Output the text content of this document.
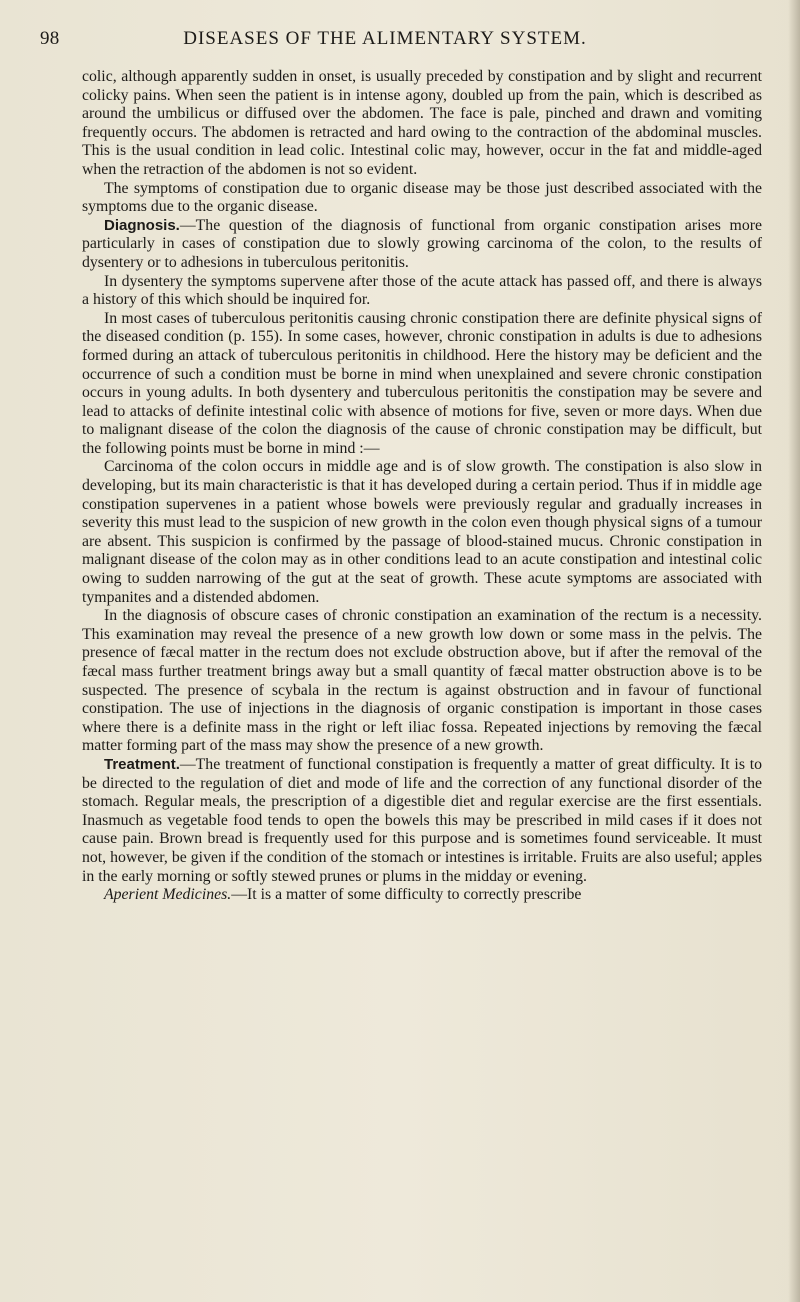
98	DISEASES OF THE ALIMENTARY SYSTEM.

colic, although apparently sudden in onset, is usually preceded by constipation and by slight and recurrent colicky pains. When seen the patient is in intense agony, doubled up from the pain, which is described as around the umbilicus or diffused over the abdomen. The face is pale, pinched and drawn and vomiting frequently occurs. The abdomen is retracted and hard owing to the contraction of the abdominal muscles. This is the usual condition in lead colic. Intestinal colic may, however, occur in the fat and middle-aged when the retraction of the abdomen is not so evident.

The symptoms of constipation due to organic disease may be those just described associated with the symptoms due to the organic disease.

Diagnosis.—The question of the diagnosis of functional from organic constipation arises more particularly in cases of constipation due to slowly growing carcinoma of the colon, to the results of dysentery or to adhesions in tuberculous peritonitis.

In dysentery the symptoms supervene after those of the acute attack has passed off, and there is always a history of this which should be inquired for.

In most cases of tuberculous peritonitis causing chronic constipation there are definite physical signs of the diseased condition (p. 155). In some cases, however, chronic constipation in adults is due to adhesions formed during an attack of tuberculous peritonitis in childhood. Here the history may be deficient and the occurrence of such a condition must be borne in mind when unexplained and severe chronic constipation occurs in young adults. In both dysentery and tuberculous peritonitis the constipation may be severe and lead to attacks of definite intestinal colic with absence of motions for five, seven or more days. When due to malignant disease of the colon the diagnosis of the cause of chronic constipation may be difficult, but the following points must be borne in mind :—

Carcinoma of the colon occurs in middle age and is of slow growth. The constipation is also slow in developing, but its main characteristic is that it has developed during a certain period. Thus if in middle age constipation supervenes in a patient whose bowels were previously regular and gradually increases in severity this must lead to the suspicion of new growth in the colon even though physical signs of a tumour are absent. This suspicion is confirmed by the passage of blood-stained mucus. Chronic constipation in malignant disease of the colon may as in other conditions lead to an acute constipation and intestinal colic owing to sudden narrowing of the gut at the seat of growth. These acute symptoms are associated with tympanites and a distended abdomen.

In the diagnosis of obscure cases of chronic constipation an examination of the rectum is a necessity. This examination may reveal the presence of a new growth low down or some mass in the pelvis. The presence of fæcal matter in the rectum does not exclude obstruction above, but if after the removal of the fæcal mass further treatment brings away but a small quantity of fæcal matter obstruction above is to be suspected. The presence of scybala in the rectum is against obstruction and in favour of functional constipation. The use of injections in the diagnosis of organic constipation is important in those cases where there is a definite mass in the right or left iliac fossa. Repeated injections by removing the fæcal matter forming part of the mass may show the presence of a new growth.

Treatment.—The treatment of functional constipation is frequently a matter of great difficulty. It is to be directed to the regulation of diet and mode of life and the correction of any functional disorder of the stomach. Regular meals, the prescription of a digestible diet and regular exercise are the first essentials. Inasmuch as vegetable food tends to open the bowels this may be prescribed in mild cases if it does not cause pain. Brown bread is frequently used for this purpose and is sometimes found serviceable. It must not, however, be given if the condition of the stomach or intestines is irritable. Fruits are also useful; apples in the early morning or softly stewed prunes or plums in the midday or evening.

Aperient Medicines.—It is a matter of some difficulty to correctly prescribe
